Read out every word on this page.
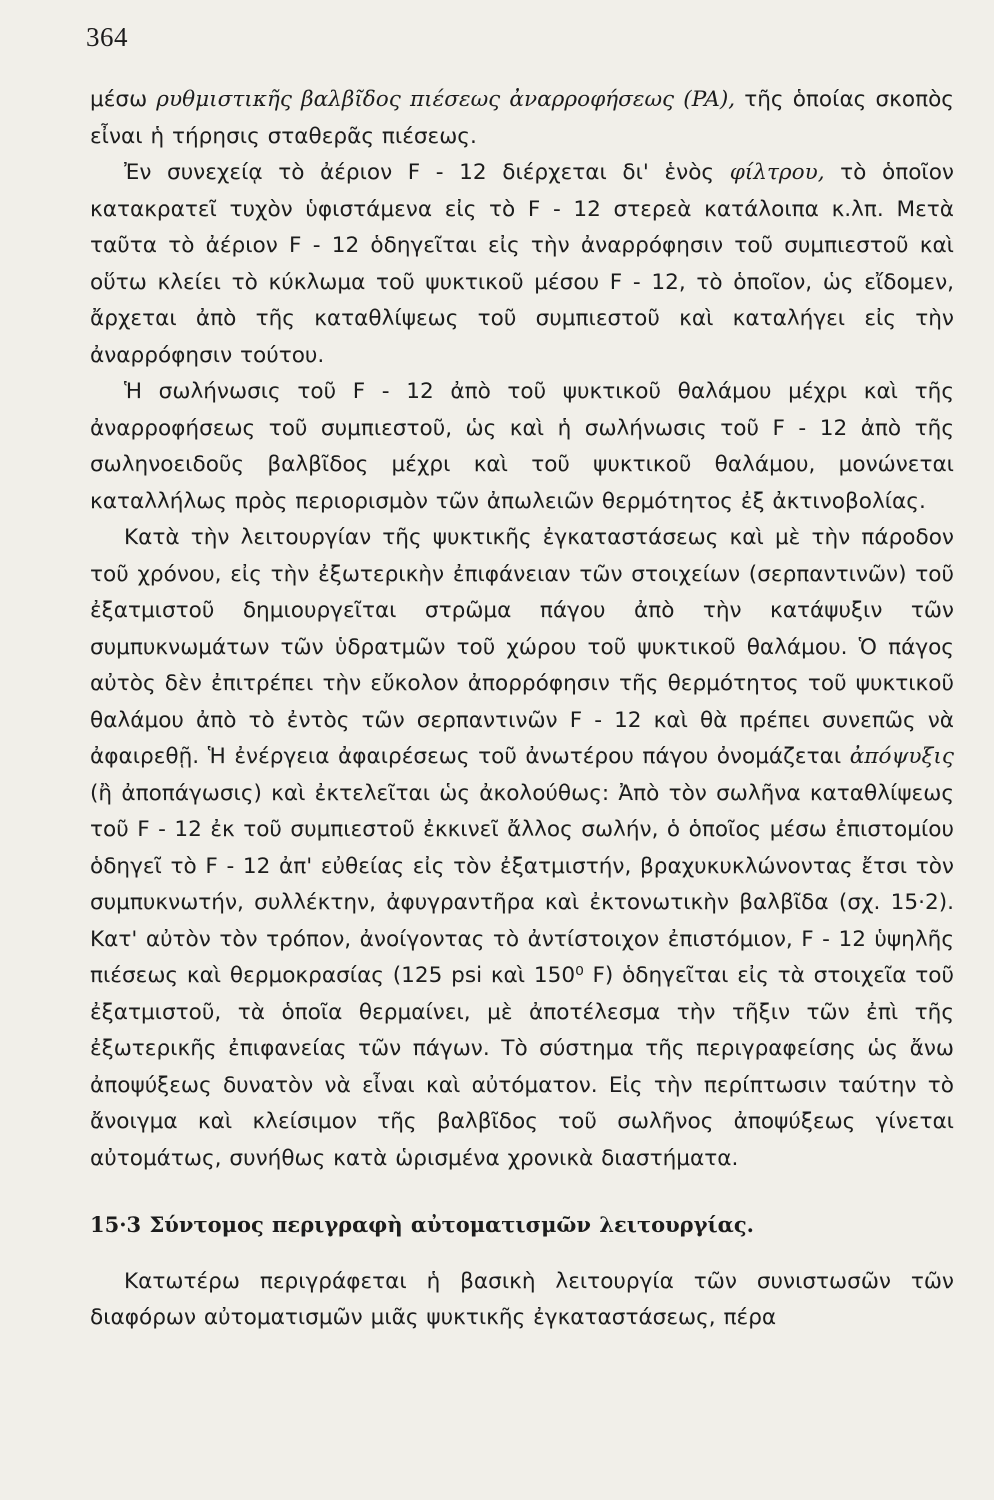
364

μέσω ρυθμιστικῆς βαλβῖδος πιέσεως ἀναρροφήσεως (PA), τῆς ὁποίας σκοπὸς εἶναι ἡ τήρησις σταθερᾶς πιέσεως.

Ἐν συνεχείᾳ τὸ ἀέριον F - 12 διέρχεται δι' ἑνὸς φίλτρου, τὸ ὁποῖον κατακρατεῖ τυχὸν ὑφιστάμενα εἰς τὸ F - 12 στερεὰ κατάλοιπα κ.λπ. Μετὰ ταῦτα τὸ ἀέριον F - 12 ὁδηγεῖται εἰς τὴν ἀναρρόφησιν τοῦ συμπιεστοῦ καὶ οὕτω κλείει τὸ κύκλωμα τοῦ ψυκτικοῦ μέσου F - 12, τὸ ὁποῖον, ὡς εἴδομεν, ἄρχεται ἀπὸ τῆς καταθλίψεως τοῦ συμπιεστοῦ καὶ καταλήγει εἰς τὴν ἀναρρόφησιν τούτου.

Ἡ σωλήνωσις τοῦ F - 12 ἀπὸ τοῦ ψυκτικοῦ θαλάμου μέχρι καὶ τῆς ἀναρροφήσεως τοῦ συμπιεστοῦ, ὡς καὶ ἡ σωλήνωσις τοῦ F - 12 ἀπὸ τῆς σωληνοειδοῦς βαλβῖδος μέχρι καὶ τοῦ ψυκτικοῦ θαλάμου, μονώνεται καταλλήλως πρὸς περιορισμὸν τῶν ἀπωλειῶν θερμότητος ἐξ ἀκτινοβολίας.

Κατὰ τὴν λειτουργίαν τῆς ψυκτικῆς ἐγκαταστάσεως καὶ μὲ τὴν πάροδον τοῦ χρόνου, εἰς τὴν ἐξωτερικὴν ἐπιφάνειαν τῶν στοιχείων (σερπαντινῶν) τοῦ ἐξατμιστοῦ δημιουργεῖται στρῶμα πάγου ἀπὸ τὴν κατάψυξιν τῶν συμπυκνωμάτων τῶν ὑδρατμῶν τοῦ χώρου τοῦ ψυκτικοῦ θαλάμου. Ὁ πάγος αὐτὸς δὲν ἐπιτρέπει τὴν εὔκολον ἀπορρόφησιν τῆς θερμότητος τοῦ ψυκτικοῦ θαλάμου ἀπὸ τὸ ἐντὸς τῶν σερπαντινῶν F - 12 καὶ θὰ πρέπει συνεπῶς νὰ ἀφαιρεθῇ. Ἡ ἐνέργεια ἀφαιρέσεως τοῦ ἀνωτέρου πάγου ὀνομάζεται ἀπόψυξις (ἢ ἀποπάγωσις) καὶ ἐκτελεῖται ὡς ἀκολούθως: Ἀπὸ τὸν σωλῆνα καταθλίψεως τοῦ F - 12 ἐκ τοῦ συμπιεστοῦ ἐκκινεῖ ἄλλος σωλήν, ὁ ὁποῖος μέσω ἐπιστομίου ὁδηγεῖ τὸ F - 12 ἀπ' εὐθείας εἰς τὸν ἐξατμιστήν, βραχυκυκλώνοντας ἔτσι τὸν συμπυκνωτήν, συλλέκτην, ἀφυγραντῆρα καὶ ἐκτονωτικὴν βαλβῖδα (σχ. 15·2). Κατ' αὐτὸν τὸν τρόπον, ἀνοίγοντας τὸ ἀντίστοιχον ἐπιστόμιον, F - 12 ὑψηλῆς πιέσεως καὶ θερμοκρασίας (125 psi καὶ 150⁰ F) ὁδηγεῖται εἰς τὰ στοιχεῖα τοῦ ἐξατμιστοῦ, τὰ ὁποῖα θερμαίνει, μὲ ἀποτέλεσμα τὴν τῆξιν τῶν ἐπὶ τῆς ἐξωτερικῆς ἐπιφανείας τῶν πάγων. Τὸ σύστημα τῆς περιγραφείσης ὡς ἄνω ἀποψύξεως δυνατὸν νὰ εἶναι καὶ αὐτόματον. Εἰς τὴν περίπτωσιν ταύτην τὸ ἄνοιγμα καὶ κλείσιμον τῆς βαλβῖδος τοῦ σωλῆνος ἀποψύξεως γίνεται αὐτομάτως, συνήθως κατὰ ὡρισμένα χρονικὰ διαστήματα.

15·3 Σύντομος περιγραφὴ αὐτοματισμῶν λειτουργίας.

Κατωτέρω περιγράφεται ἡ βασικὴ λειτουργία τῶν συνιστωσῶν τῶν διαφόρων αὐτοματισμῶν μιᾶς ψυκτικῆς ἐγκαταστάσεως, πέρα
